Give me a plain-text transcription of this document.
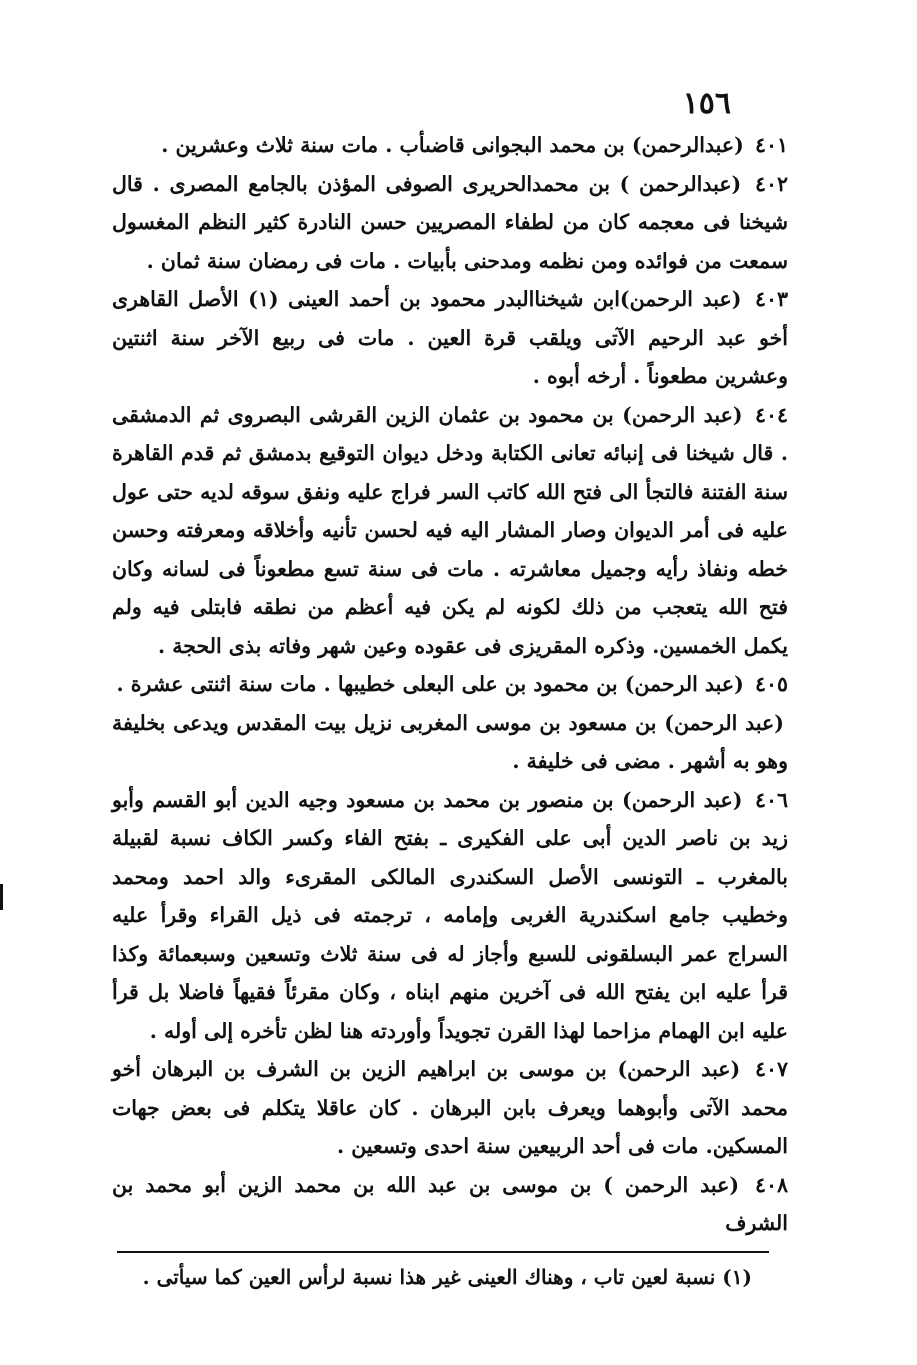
١٥٦

٤٠١ (عبدالرحمن) بن محمد البجوانى قاضىأب . مات سنة ثلاث وعشرين .

٤٠٢ (عبدالرحمن ) بن محمدالحريرى الصوفى المؤذن بالجامع المصرى . قال شيخنا فى معجمه كان من لطفاء المصريين حسن النادرة كثير النظم المغسول سمعت من فوائده ومن نظمه ومدحنى بأبيات . مات فى رمضان سنة ثمان .

٤٠٣ (عبد الرحمن)ابن شيخناالبدر محمود بن أحمد العينى (١) الأصل القاهرى أخو عبد الرحيم الآتى ويلقب قرة العين . مات فى ربيع الآخر سنة اثنتين وعشرين مطعوناً . أرخه أبوه .

٤٠٤ (عبد الرحمن) بن محمود بن عثمان الزين القرشى البصروى ثم الدمشقى . قال شيخنا فى إنبائه تعانى الكتابة ودخل ديوان التوقيع بدمشق ثم قدم القاهرة سنة الفتنة فالتجأ الى فتح الله كاتب السر فراج عليه ونفق سوقه لديه حتى عول عليه فى أمر الديوان وصار المشار اليه فيه لحسن تأنيه وأخلاقه ومعرفته وحسن خطه ونفاذ رأيه وجميل معاشرته . مات فى سنة تسع مطعوناً فى لسانه وكان فتح الله يتعجب من ذلك لكونه لم يكن فيه أعظم من نطقه فابتلى فيه ولم يكمل الخمسين. وذكره المقريزى فى عقوده وعين شهر وفاته بذى الحجة .

٤٠٥ (عبد الرحمن) بن محمود بن على البعلى خطيبها . مات سنة اثنتى عشرة .

(عبد الرحمن) بن مسعود بن موسى المغربى نزيل بيت المقدس ويدعى بخليفة وهو به أشهر . مضى فى خليفة .

٤٠٦ (عبد الرحمن) بن منصور بن محمد بن مسعود وجيه الدين أبو القسم وأبو زيد بن ناصر الدين أبى على الفكيرى ـ بفتح الفاء وكسر الكاف نسبة لقبيلة بالمغرب ـ التونسى الأصل السكندرى المالكى المقرىء والد احمد ومحمد وخطيب جامع اسكندرية الغربى وإمامه ، ترجمته فى ذيل القراء وقرأ عليه السراج عمر البسلقونى للسبع وأجاز له فى سنة ثلاث وتسعين وسبعمائة وكذا قرأ عليه ابن يفتح الله فى آخرين منهم ابناه ، وكان مقرئاً فقيهاً فاضلا بل قرأ عليه ابن الهمام مزاحما لهذا القرن تجويداً وأوردته هنا لظن تأخره إلى أوله .

٤٠٧ (عبد الرحمن) بن موسى بن ابراهيم الزين بن الشرف بن البرهان أخو محمد الآتى وأبوهما ويعرف بابن البرهان . كان عاقلا يتكلم فى بعض جهات المسكين. مات فى أحد الربيعين سنة احدى وتسعين .

٤٠٨ (عبد الرحمن ) بن موسى بن عبد الله بن محمد الزين أبو محمد بن الشرف

(١) نسبة لعين تاب ، وهناك العينى غير هذا نسبة لرأس العين كما سيأتى .
